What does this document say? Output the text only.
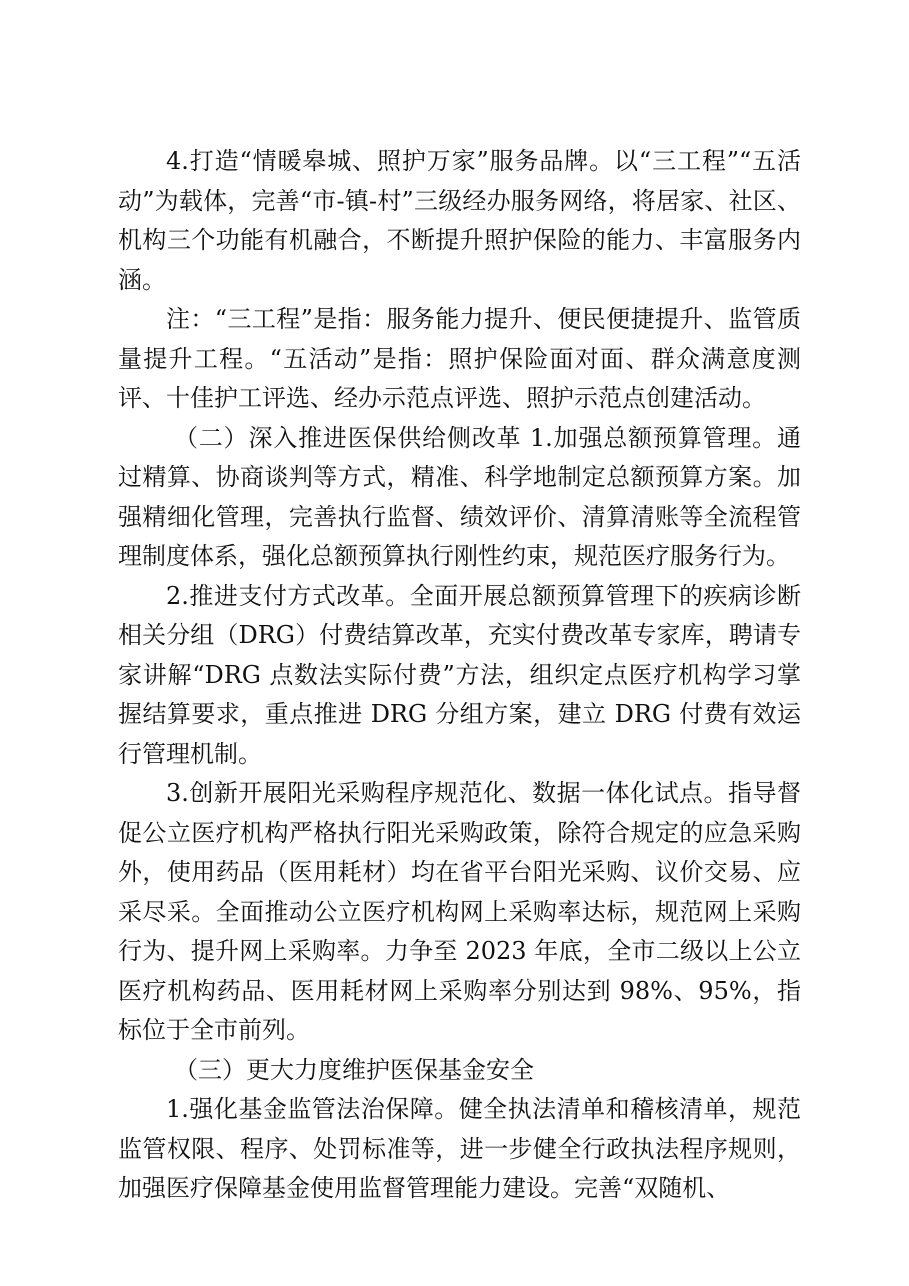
4.打造“情暖皋城、照护万家”服务品牌。以“三工程”“五活动”为载体，完善“市-镇-村”三级经办服务网络，将居家、社区、机构三个功能有机融合，不断提升照护保险的能力、丰富服务内涵。

注：“三工程”是指：服务能力提升、便民便捷提升、监管质量提升工程。“五活动”是指：照护保险面对面、群众满意度测评、十佳护工评选、经办示范点评选、照护示范点创建活动。

（二）深入推进医保供给侧改革 1.加强总额预算管理。通过精算、协商谈判等方式，精准、科学地制定总额预算方案。加强精细化管理，完善执行监督、绩效评价、清算清账等全流程管理制度体系，强化总额预算执行刚性约束，规范医疗服务行为。

2.推进支付方式改革。全面开展总额预算管理下的疾病诊断相关分组（DRG）付费结算改革，充实付费改革专家库，聘请专家讲解“DRG 点数法实际付费”方法，组织定点医疗机构学习掌握结算要求，重点推进 DRG 分组方案，建立 DRG 付费有效运行管理机制。

3.创新开展阳光采购程序规范化、数据一体化试点。指导督促公立医疗机构严格执行阳光采购政策，除符合规定的应急采购外，使用药品（医用耗材）均在省平台阳光采购、议价交易、应采尽采。全面推动公立医疗机构网上采购率达标，规范网上采购行为、提升网上采购率。力争至 2023 年底，全市二级以上公立医疗机构药品、医用耗材网上采购率分别达到 98%、95%，指标位于全市前列。

（三）更大力度维护医保基金安全

1.强化基金监管法治保障。健全执法清单和稽核清单，规范监管权限、程序、处罚标准等，进一步健全行政执法程序规则，加强医疗保障基金使用监督管理能力建设。完善“双随机、
